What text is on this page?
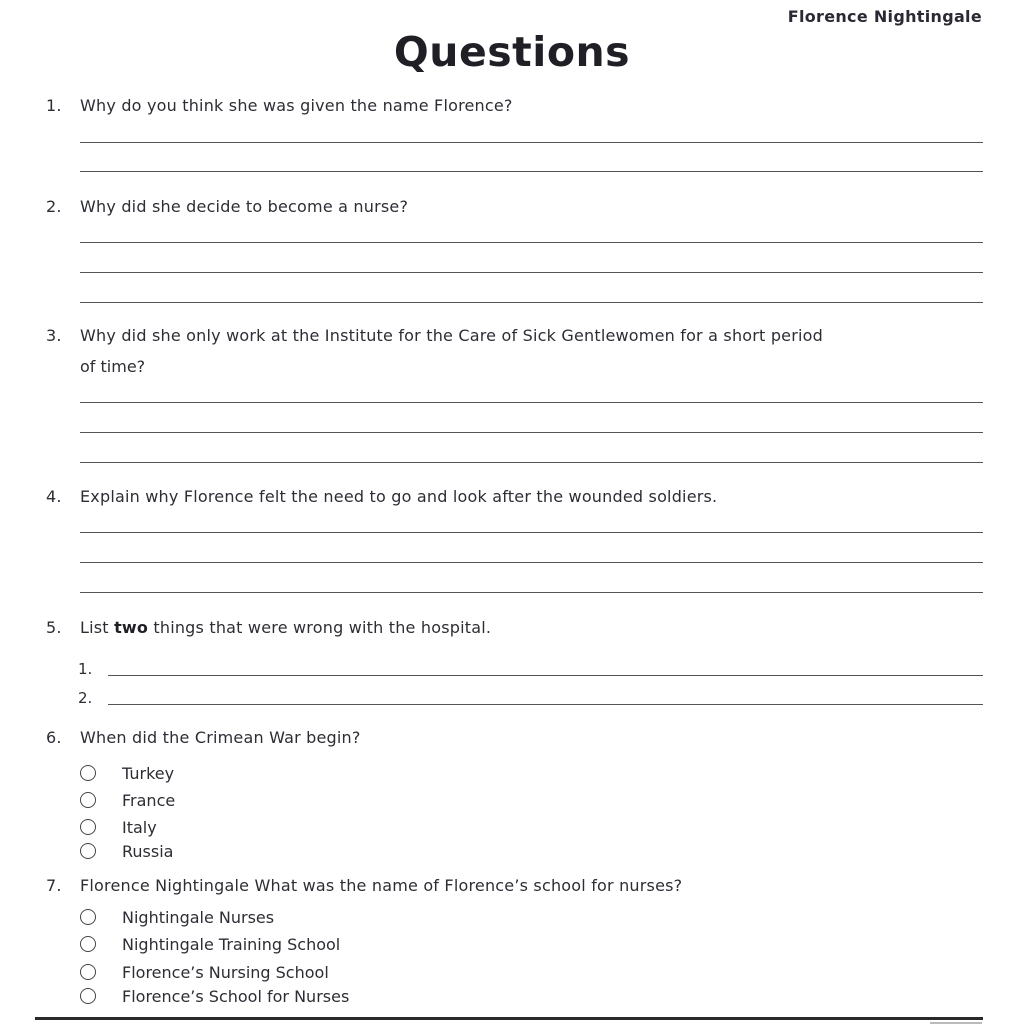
Florence Nightingale
Questions
1. Why do you think she was given the name Florence?
2. Why did she decide to become a nurse?
3. Why did she only work at the Institute for the Care of Sick Gentlewomen for a short period
of time?
4. Explain why Florence felt the need to go and look after the wounded soldiers.
5. List two things that were wrong with the hospital.
1.
2.
6. When did the Crimean War begin?
Turkey
France
Italy
Russia
7. Florence Nightingale What was the name of Florence’s school for nurses?
Nightingale Nurses
Nightingale Training School
Florence’s Nursing School
Florence’s School for Nurses
